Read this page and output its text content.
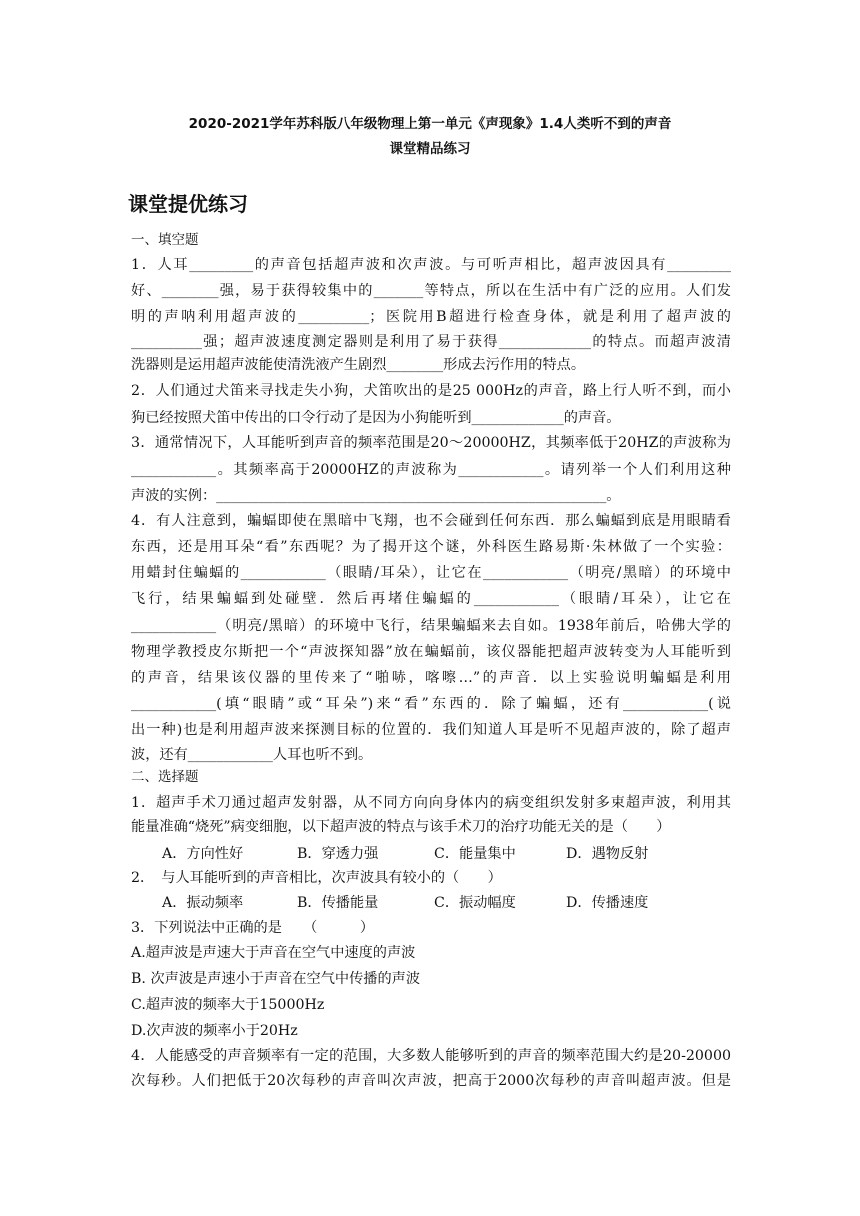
2020-2021学年苏科版八年级物理上第一单元《声现象》1.4人类听不到的声音
课堂精品练习
课堂提优练习
一、填空题
1．人耳_________的声音包括超声波和次声波。与可听声相比，超声波因具有_________
好、________强，易于获得较集中的_______等特点，所以在生活中有广泛的应用。人们发
明的声呐利用超声波的__________；医院用B超进行检查身体，就是利用了超声波的
__________强；超声波速度测定器则是利用了易于获得_____________的特点。而超声波清
洗器则是运用超声波能使清洗液产生剧烈________形成去污作用的特点。
2．人们通过犬笛来寻找走失小狗，犬笛吹出的是25 000Hz的声音，路上行人听不到，而小
狗已经按照犬笛中传出的口令行动了是因为小狗能听到_____________的声音。
3．通常情况下，人耳能听到声音的频率范围是20～20000HZ，其频率低于20HZ的声波称为
____________。其频率高于20000HZ的声波称为____________。请列举一个人们利用这种
声波的实例：_______________________________________________________。
4．有人注意到，蝙蝠即使在黑暗中飞翔，也不会碰到任何东西．那么蝙蝠到底是用眼睛看
东西，还是用耳朵“看”东西呢？为了揭开这个谜，外科医生路易斯·朱林做了一个实验：
用蜡封住蝙蝠的____________（眼睛/耳朵），让它在____________（明亮/黑暗）的环境中
飞行，结果蝙蝠到处碰壁．然后再堵住蝙蝠的____________（眼睛/耳朵），让它在
____________（明亮/黑暗）的环境中飞行，结果蝙蝠来去自如。1938年前后，哈佛大学的
物理学教授皮尔斯把一个“声波探知器”放在蝙蝠前，该仪器能把超声波转变为人耳能听到
的声音，结果该仪器的里传来了“啪哧，喀嚓…”的声音．以上实验说明蝙蝠是利用
____________(填“眼睛”或“耳朵”)来“看”东西的．除了蝙蝠，还有____________(说
出一种)也是利用超声波来探测目标的位置的．我们知道人耳是听不见超声波的，除了超声
波，还有____________人耳也听不到。
二、选择题
1．超声手术刀通过超声发射器，从不同方向向身体内的病变组织发射多束超声波，利用其
能量准确“烧死”病变细胞，以下超声波的特点与该手术刀的治疗功能无关的是（　　）
A．方向性好	B．穿透力强	C．能量集中	D．遇物反射
2．　与人耳能听到的声音相比，次声波具有较小的（　　）
A．振动频率	B．传播能量	C．振动幅度	D．传播速度
3．下列说法中正确的是　　（　　　）
A.超声波是声速大于声音在空气中速度的声波
B. 次声波是声速小于声音在空气中传播的声波
C.超声波的频率大于15000Hz
D.次声波的频率小于20Hz
4．人能感受的声音频率有一定的范围，大多数人能够听到的声音的频率范围大约是20-20000
次每秒。人们把低于20次每秒的声音叫次声波，把高于2000次每秒的声音叫超声波。但是
